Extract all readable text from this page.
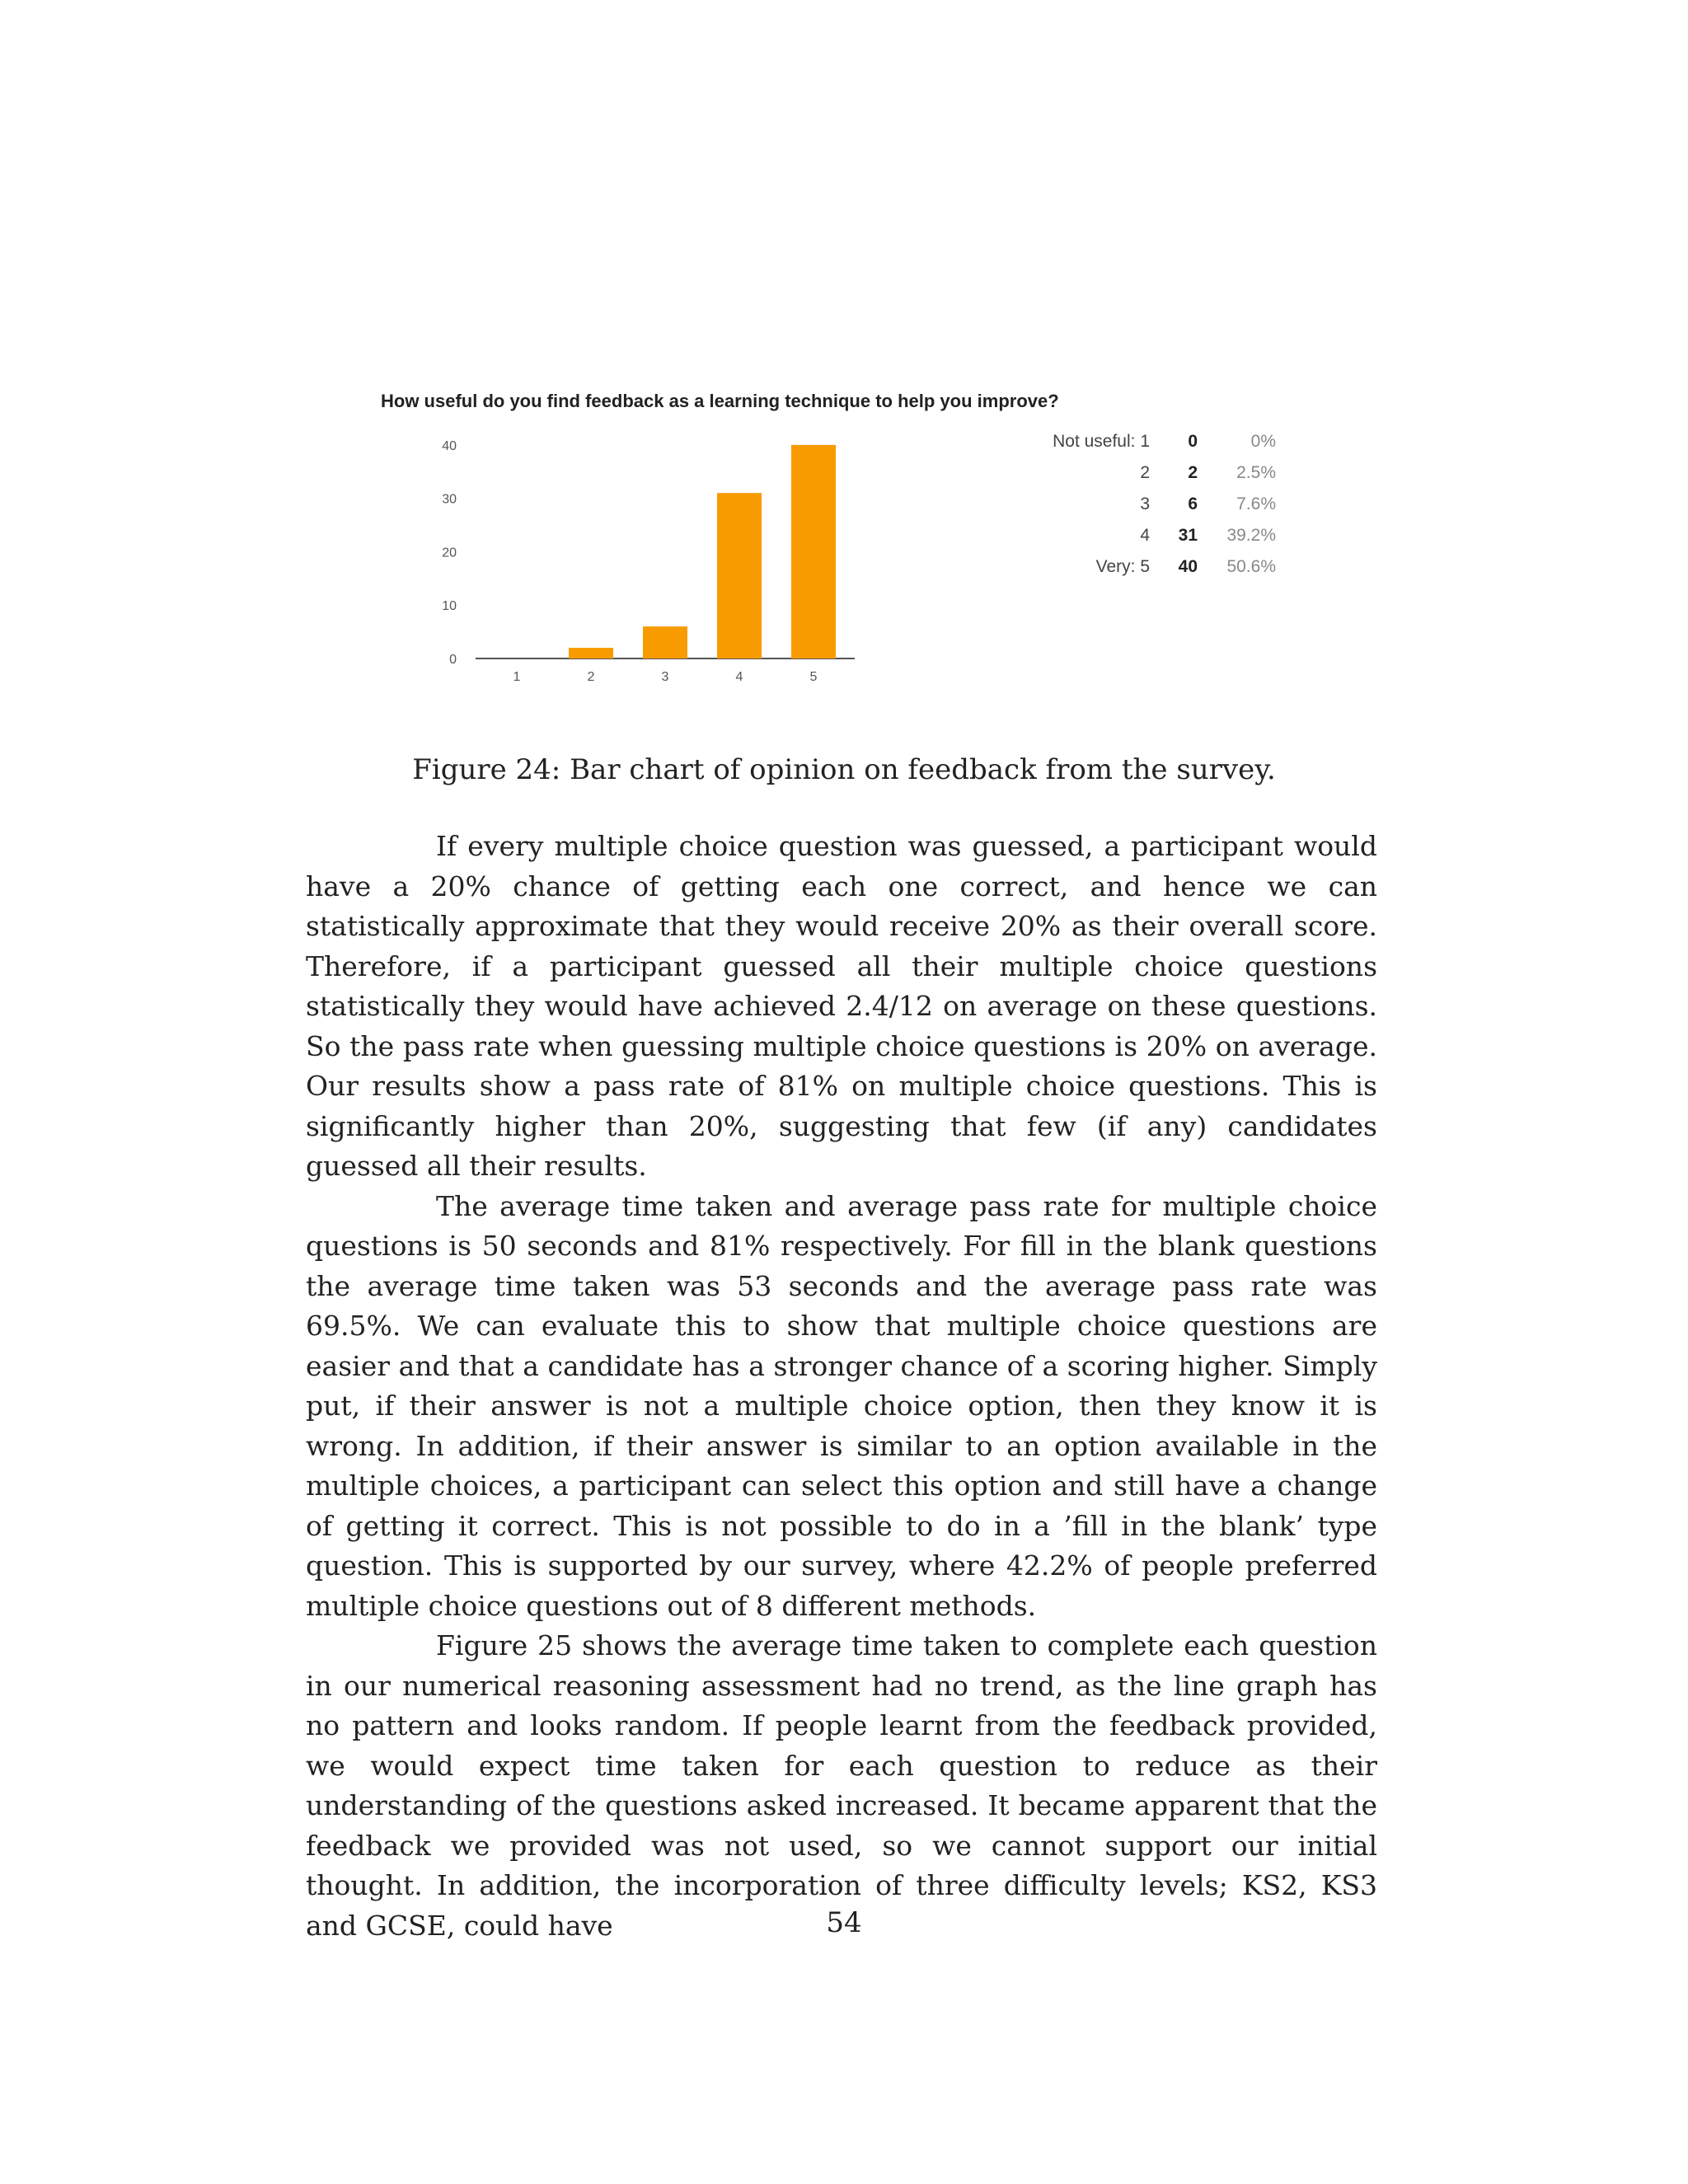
How useful do you find feedback as a learning technique to help you improve?
0
10
20
30
40
1	2	3	4	5
Not useful: 1	0	0%
2	2	2.5%
3	6	7.6%
4	31	39.2%
Very: 5	40	50.6%
Figure 24: Bar chart of opinion on feedback from the survey.

If every multiple choice question was guessed, a participant would have a 20% chance of getting each one correct, and hence we can statistically approximate that they would receive 20% as their overall score. Therefore, if a participant guessed all their multiple choice questions statistically they would have achieved 2.4/12 on average on these questions. So the pass rate when guessing multiple choice questions is 20% on average. Our results show a pass rate of 81% on multiple choice questions. This is significantly higher than 20%, suggesting that few (if any) candidates guessed all their results.

The average time taken and average pass rate for multiple choice questions is 50 seconds and 81% respectively. For fill in the blank questions the average time taken was 53 seconds and the average pass rate was 69.5%. We can evaluate this to show that multiple choice questions are easier and that a candidate has a stronger chance of a scoring higher. Simply put, if their answer is not a multiple choice option, then they know it is wrong. In addition, if their answer is similar to an option available in the multiple choices, a participant can select this option and still have a change of getting it correct. This is not possible to do in a ’fill in the blank’ type question. This is supported by our survey, where 42.2% of people preferred multiple choice questions out of 8 different methods.

Figure 25 shows the average time taken to complete each question in our numerical reasoning assessment had no trend, as the line graph has no pattern and looks random. If people learnt from the feedback provided, we would expect time taken for each question to reduce as their understanding of the questions asked increased. It became apparent that the feedback we provided was not used, so we cannot support our initial thought. In addition, the incorporation of three difficulty levels; KS2, KS3 and GCSE, could have	54
